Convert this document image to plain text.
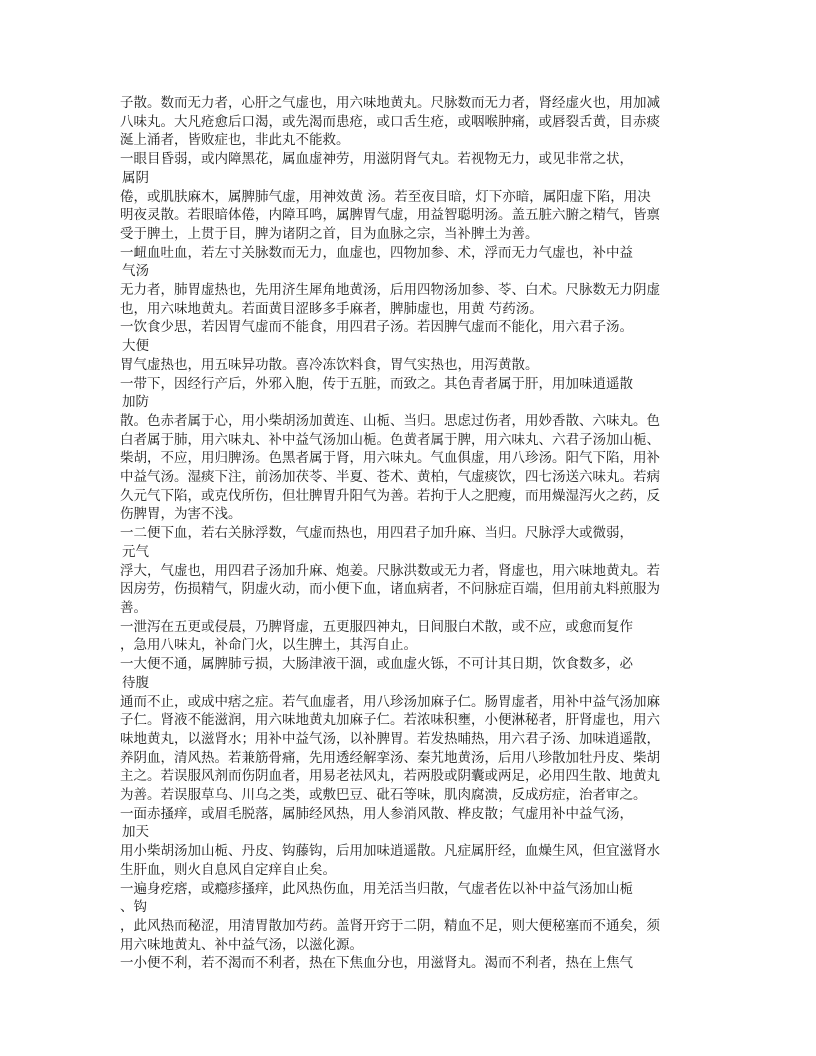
子散。数而无力者，心肝之气虚也，用六味地黄丸。尺脉数而无力者，肾经虚火也，用加减
八味丸。大凡疮愈后口渴，或先渴而患疮，或口舌生疮，或咽喉肿痛，或唇裂舌黄，目赤痰
涎上涌者，皆败症也，非此丸不能救。
一眼目昏弱，或内障黑花，属血虚神劳，用滋阴肾气丸。若视物无力，或见非常之状，
属阴
倦，或肌肤麻木，属脾肺气虚，用神效黄 汤。若至夜目暗，灯下亦暗，属阳虚下陷，用决
明夜灵散。若眼暗体倦，内障耳鸣，属脾胃气虚，用益智聪明汤。盖五脏六腑之精气，皆禀
受于脾土，上贯于目，脾为诸阴之首，目为血脉之宗，当补脾土为善。
一衄血吐血，若左寸关脉数而无力，血虚也，四物加参、术，浮而无力气虚也，补中益
气汤
无力者，肺胃虚热也，先用济生犀角地黄汤，后用四物汤加参、苓、白术。尺脉数无力阴虚
也，用六味地黄丸。若面黄目涩眵多手麻者，脾肺虚也，用黄 芍药汤。
一饮食少思，若因胃气虚而不能食，用四君子汤。若因脾气虚而不能化，用六君子汤。
大便
胃气虚热也，用五味异功散。喜冷冻饮料食，胃气实热也，用泻黄散。
一带下，因经行产后，外邪入胞，传于五脏，而致之。其色青者属于肝，用加味逍遥散
加防
散。色赤者属于心，用小柴胡汤加黄连、山栀、当归。思虑过伤者，用妙香散、六味丸。色
白者属于肺，用六味丸、补中益气汤加山栀。色黄者属于脾，用六味丸、六君子汤加山栀、
柴胡，不应，用归脾汤。色黑者属于肾，用六味丸。气血俱虚，用八珍汤。阳气下陷，用补
中益气汤。湿痰下注，前汤加茯苓、半夏、苍术、黄柏，气虚痰饮，四七汤送六味丸。若病
久元气下陷，或克伐所伤，但壮脾胃升阳气为善。若拘于人之肥瘦，而用燥湿泻火之药，反
伤脾胃，为害不浅。
一二便下血，若右关脉浮数，气虚而热也，用四君子加升麻、当归。尺脉浮大或微弱，
元气
浮大，气虚也，用四君子汤加升麻、炮姜。尺脉洪数或无力者，肾虚也，用六味地黄丸。若
因房劳，伤损精气，阴虚火动，而小便下血，诸血病者，不问脉症百端，但用前丸料煎服为
善。
一泄泻在五更或侵晨，乃脾肾虚，五更服四神丸，日间服白术散，或不应，或愈而复作
，急用八味丸，补命门火，以生脾土，其泻自止。
一大便不通，属脾肺亏损，大肠津液干涸，或血虚火铄，不可计其日期，饮食数多，必
待腹
通而不止，或成中痞之症。若气血虚者，用八珍汤加麻子仁。肠胃虚者，用补中益气汤加麻
子仁。肾液不能滋润，用六味地黄丸加麻子仁。若浓味积壅，小便淋秘者，肝肾虚也，用六
味地黄丸，以滋肾水；用补中益气汤，以补脾胃。若发热晡热，用六君子汤、加味逍遥散，
养阴血，清风热。若兼筋骨痛，先用透经解挛汤、秦艽地黄汤，后用八珍散加牡丹皮、柴胡
主之。若误服风剂而伤阴血者，用易老祛风丸，若两股或阴囊或两足，必用四生散、地黄丸
为善。若误服草乌、川乌之类，或敷巴豆、砒石等味，肌肉腐溃，反成疠症，治者审之。
一面赤搔痒，或眉毛脱落，属肺经风热，用人参消风散、桦皮散；气虚用补中益气汤，
加天
用小柴胡汤加山栀、丹皮、钩藤钩，后用加味逍遥散。凡症属肝经，血燥生风，但宜滋肾水
生肝血，则火自息风自定痒自止矣。
一遍身疙瘩，或瘾疹搔痒，此风热伤血，用羌活当归散，气虚者佐以补中益气汤加山栀
、钩
，此风热而秘涩，用清胃散加芍药。盖肾开窍于二阴，精血不足，则大便秘塞而不通矣，须
用六味地黄丸、补中益气汤，以滋化源。
一小便不利，若不渴而不利者，热在下焦血分也，用滋肾丸。渴而不利者，热在上焦气
